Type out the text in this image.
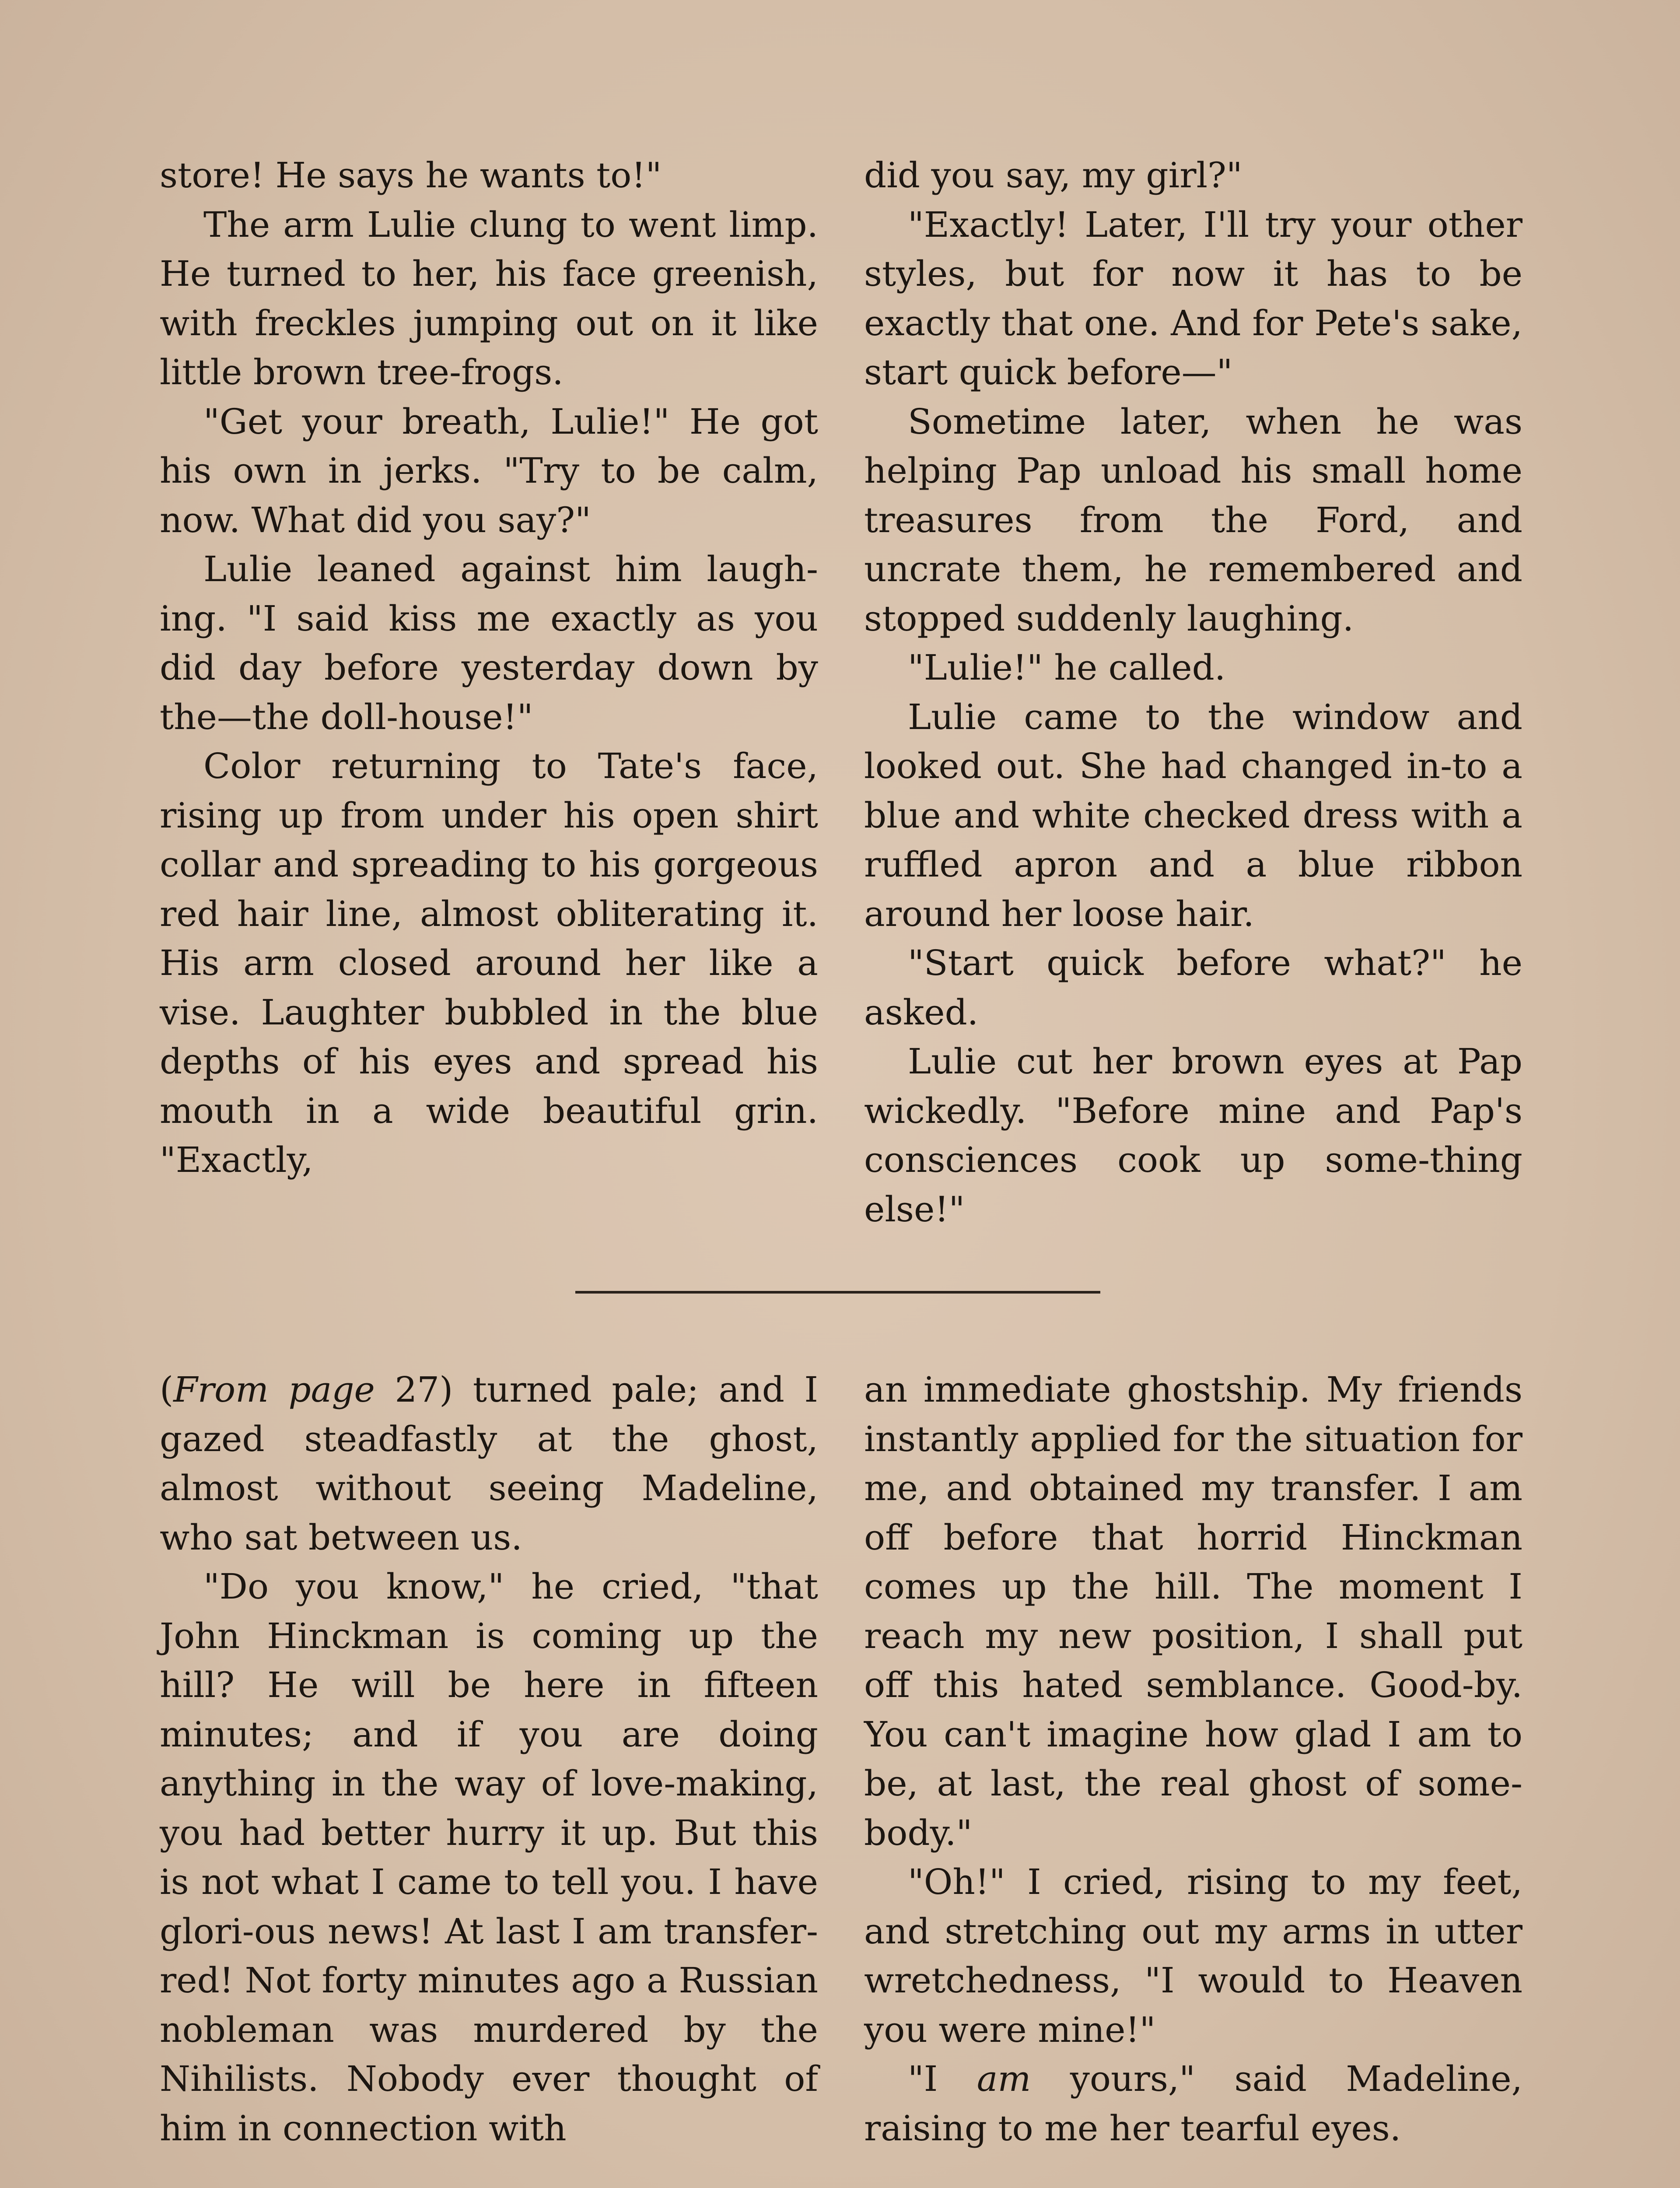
store! He says he wants to!"

The arm Lulie clung to went limp. He turned to her, his face greenish, with freckles jumping out on it like little brown tree-frogs.

"Get your breath, Lulie!" He got his own in jerks. "Try to be calm, now. What did you say?"

Lulie leaned against him laugh-ing. "I said kiss me exactly as you did day before yesterday down by the—the doll-house!"

Color returning to Tate's face, rising up from under his open shirt collar and spreading to his gorgeous red hair line, almost obliterating it. His arm closed around her like a vise. Laughter bubbled in the blue depths of his eyes and spread his mouth in a wide beautiful grin. "Exactly,

did you say, my girl?"

"Exactly! Later, I'll try your other styles, but for now it has to be exactly that one. And for Pete's sake, start quick before—"

Sometime later, when he was helping Pap unload his small home treasures from the Ford, and uncrate them, he remembered and stopped suddenly laughing.

"Lulie!" he called.

Lulie came to the window and looked out. She had changed in-to a blue and white checked dress with a ruffled apron and a blue ribbon around her loose hair.

"Start quick before what?" he asked.

Lulie cut her brown eyes at Pap wickedly. "Before mine and Pap's consciences cook up some-thing else!"

(From page 27) turned pale; and I gazed steadfastly at the ghost, almost without seeing Madeline, who sat between us.

"Do you know," he cried, "that John Hinckman is coming up the hill? He will be here in fifteen minutes; and if you are doing anything in the way of love-making, you had better hurry it up. But this is not what I came to tell you. I have glori-ous news! At last I am transfer-red! Not forty minutes ago a Russian nobleman was murdered by the Nihilists. Nobody ever thought of him in connection with

an immediate ghostship. My friends instantly applied for the situation for me, and obtained my transfer. I am off before that horrid Hinckman comes up the hill. The moment I reach my new position, I shall put off this hated semblance. Good-by. You can't imagine how glad I am to be, at last, the real ghost of some-body."

"Oh!" I cried, rising to my feet, and stretching out my arms in utter wretchedness, "I would to Heaven you were mine!"

"I am yours," said Madeline, raising to me her tearful eyes.
